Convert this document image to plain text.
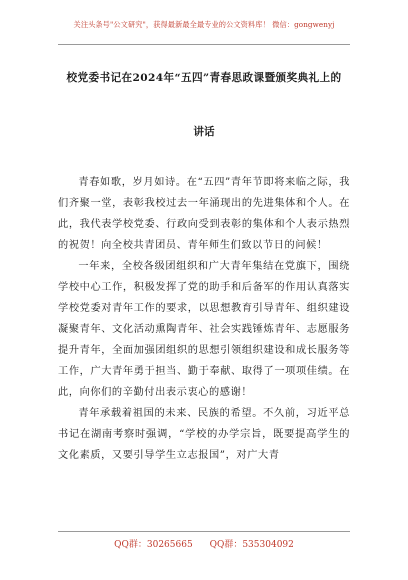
关注头条号"公文研究"，获得最新最全最专业的公文资料库！ 微信：gongwenyj
校党委书记在2024年“五四”青春思政课暨颁奖典礼上的
讲话

青春如歌，岁月如诗。在“五四”青年节即将来临之际，我们齐聚一堂，表彰我校过去一年涌现出的先进集体和个人。在此，我代表学校党委、行政向受到表彰的集体和个人表示热烈的祝贺！向全校共青团员、青年师生们致以节日的问候！

一年来，全校各级团组织和广大青年集结在党旗下，围绕学校中心工作，积极发挥了党的助手和后备军的作用认真落实学校党委对青年工作的要求，以思想教育引导青年、组织建设凝聚青年、文化活动熏陶青年、社会实践锤炼青年、志愿服务提升青年，全面加强团组织的思想引领组织建设和成长服务等工作，广大青年勇于担当、勤于奉献、取得了一项项佳绩。在此，向你们的辛勤付出表示衷心的感谢！

青年承载着祖国的未来、民族的希望。不久前，习近平总书记在湖南考察时强调，“学校的办学宗旨，既要提高学生的文化素质，又要引导学生立志报国”，对广大青

QQ群：30265665 QQ群：535304092
